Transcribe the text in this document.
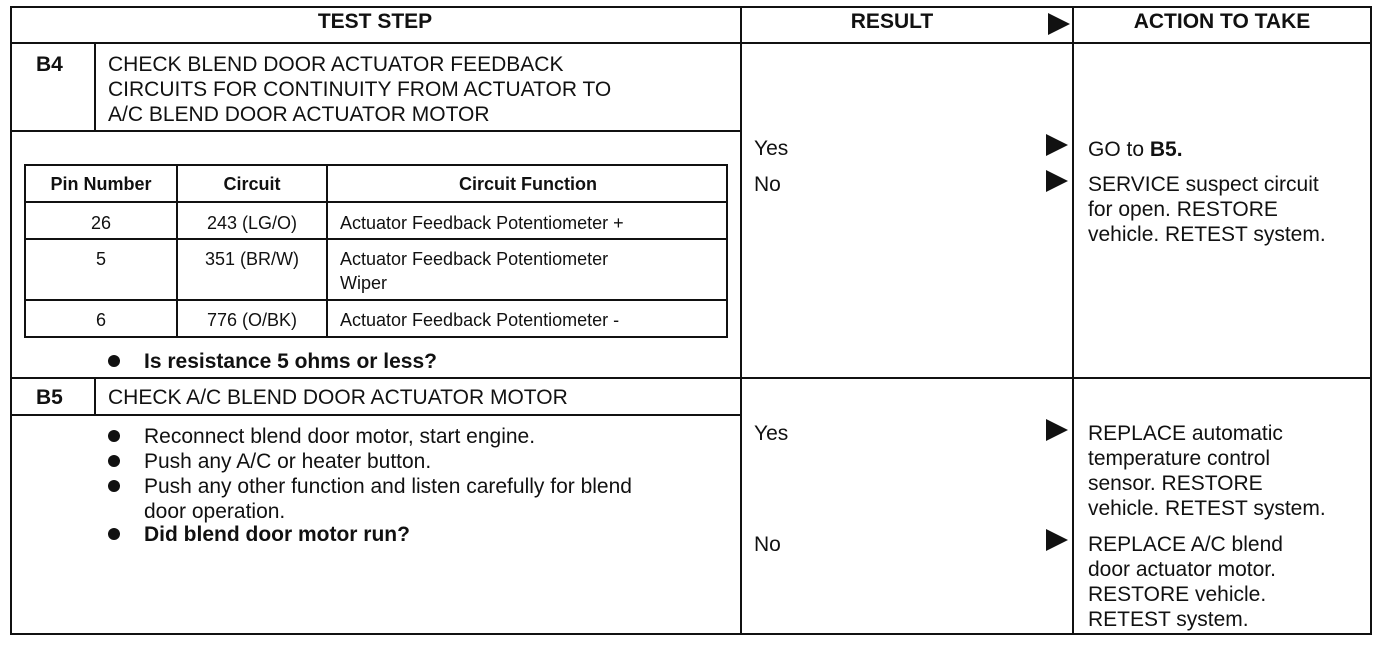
TEST STEP	RESULT	ACTION TO TAKE
B4 CHECK BLEND DOOR ACTUATOR FEEDBACK
CIRCUITS FOR CONTINUITY FROM ACTUATOR TO
A/C BLEND DOOR ACTUATOR MOTOR
Pin Number	Circuit	Circuit Function
26	243 (LG/O)	Actuator Feedback Potentiometer +
5	351 (BR/W)	Actuator Feedback Potentiometer
Wiper
6	776 (O/BK)	Actuator Feedback Potentiometer -
Is resistance 5 ohms or less?
Yes	GO to B5.
No	SERVICE suspect circuit
for open. RESTORE
vehicle. RETEST system.
B5 CHECK A/C BLEND DOOR ACTUATOR MOTOR
Reconnect blend door motor, start engine.
Push any A/C or heater button.
Push any other function and listen carefully for blend
door operation.
Did blend door motor run?
Yes	REPLACE automatic
temperature control
sensor. RESTORE
vehicle. RETEST system.
No	REPLACE A/C blend
door actuator motor.
RESTORE vehicle.
RETEST system.
